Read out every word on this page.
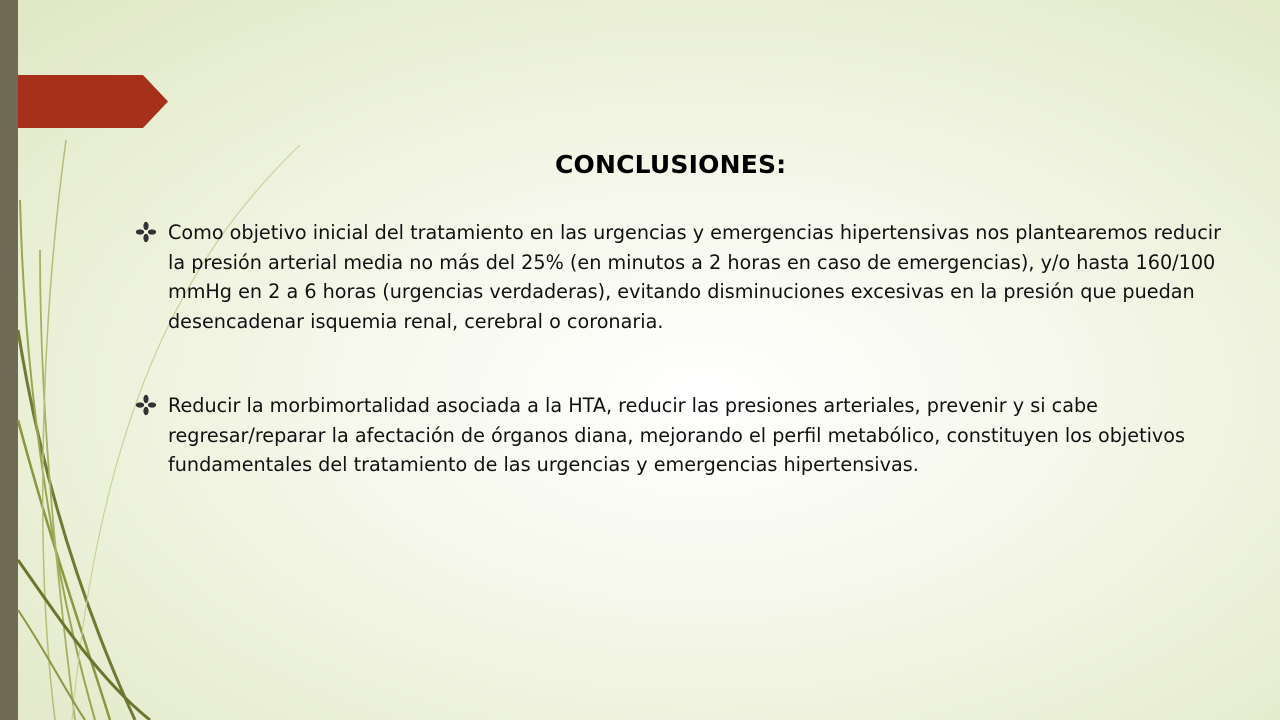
CONCLUSIONES:

Como objetivo inicial del tratamiento en las urgencias y emergencias hipertensivas nos plantearemos reducir la presión arterial media no más del 25% (en minutos a 2 horas en caso de emergencias), y/o hasta 160/100 mmHg en 2 a 6 horas (urgencias verdaderas), evitando disminuciones excesivas en la presión que puedan desencadenar isquemia renal, cerebral o coronaria.

Reducir la morbimortalidad asociada a la HTA, reducir las presiones arteriales, prevenir y si cabe regresar/reparar la afectación de órganos diana, mejorando el perfil metabólico, constituyen los objetivos fundamentales del tratamiento de las urgencias y emergencias hipertensivas.
